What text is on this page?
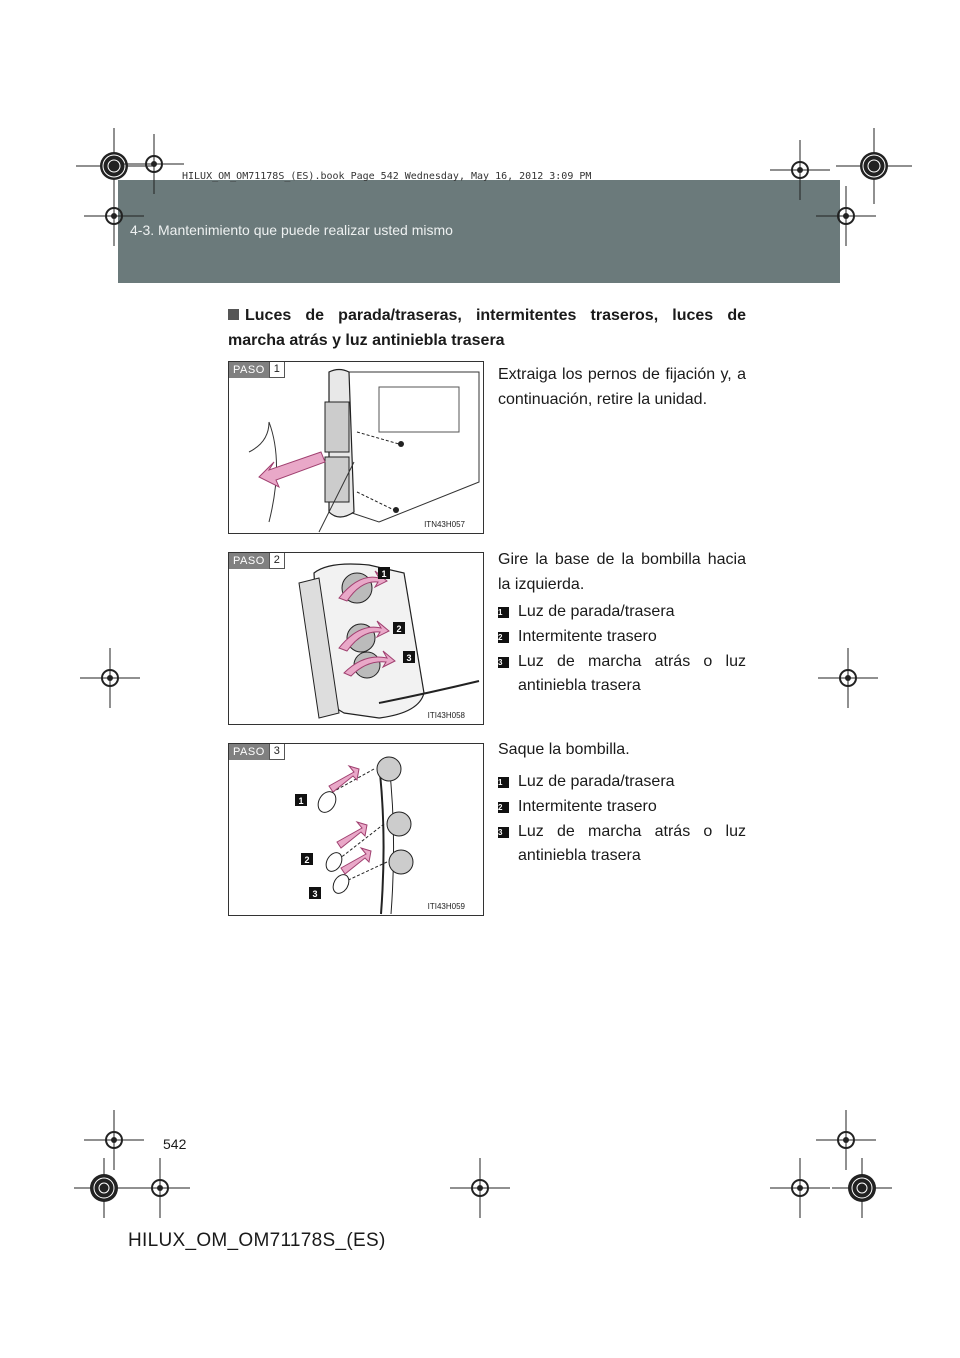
HILUX_OM_OM71178S_(ES).book Page 542 Wednesday, May 16, 2012 3:09 PM
4-3. Mantenimiento que puede realizar usted mismo
Luces de parada/traseras, intermitentes traseros, luces de marcha atrás y luz antiniebla trasera
PASO 1
ITN43H057
Extraiga los pernos de fijación y, a continuación, retire la unidad.
PASO 2
1
2
3
ITI43H058
Gire la base de la bombilla hacia la izquierda.
1 Luz de parada/trasera
2 Intermitente trasero
3 Luz de marcha atrás o luz antiniebla trasera
PASO 3
1
2
3
ITI43H059
Saque la bombilla.
1 Luz de parada/trasera
2 Intermitente trasero
3 Luz de marcha atrás o luz antiniebla trasera
542
HILUX_OM_OM71178S_(ES)
